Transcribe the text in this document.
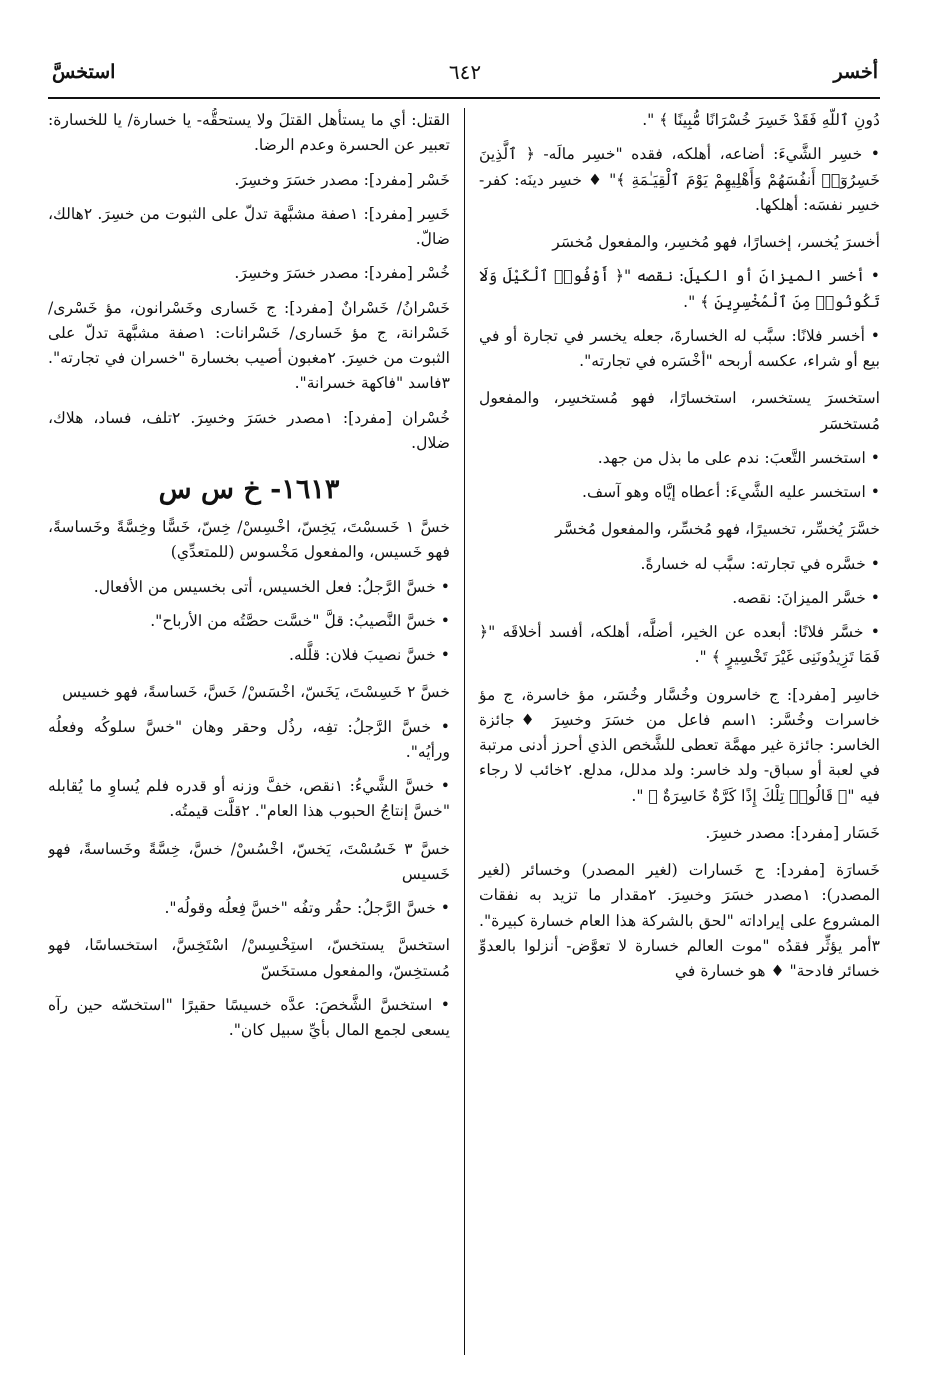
أخسر
٦٤٢
استخسَّ

دُونِ ٱللَّهِ فَقَدْ خَسِرَ خُسْرَانًا مُّبِينًا ﴾ ".

• خسِر الشَّيءَ: أضاعه، أهلكه، فقده "خسِر مالَه- ﴿ ٱلَّذِينَ خَسِرُوٓا۟ أَنفُسَهُمْ وَأَهْلِيهِمْ يَوْمَ ٱلْقِيَـٰمَةِ ﴾" ♦ خسِر دينَه: كفر- خسِر نفسَه: أهلكها.

أخسرَ يُخسر، إخسارًا، فهو مُخسِر، والمفعول مُخسَر

• أخسر الميزانَ أو الكيلَ: نقصه "﴿ أَوْفُوا۟ ٱلْكَيْلَ وَلَا تَكُونُوا۟ مِنَ ٱلْمُخْسِرِينَ ﴾ ".

• أخسر فلانًا: سبَّب له الخسارةَ، جعله يخسر في تجارة أو في بيع أو شراء، عكسه أربحه "أخْسَره في تجارته".

استخسرَ يستخسر، استخسارًا، فهو مُستخسِر، والمفعول مُستخسَر

• استخسر التَّعبَ: ندم على ما بذل من جهد.

• استخسر عليه الشَّيءَ: أعطاه إيَّاه وهو آسف.

خسَّرَ يُخسِّر، تخسيرًا، فهو مُخسِّر، والمفعول مُخسَّر

• خسَّره في تجارته: سبَّب له خسارةً.

• خسَّر الميزانَ: نقصه.

• خسَّر فلانًا: أبعده عن الخير، أضلَّه، أهلكه، أفسد أخلاقَه "﴿ فَمَا تَزِيدُونَنِى غَيْرَ تَخْسِيرٍ ﴾ ".

خاسِر [مفرد]: ج خاسرون وخُسَّار وخُسَر، مؤ خاسرة، ج مؤ خاسرات وخُسَّر: ١اسم فاعل من خسَرَ وخسِرَ ♦جائزة الخاسر: جائزة غير مهمَّة تعطى للشَّخص الذي أحرز أدنى مرتبة في لعبة أو سباق- ولد خاسر: ولد مدلل، مدلع. ٢خائب لا رجاء فيه "﴿ قَالُوا۟ تِلْكَ إِذًا كَرَّةٌ خَاسِرَةٌ ﴾ ".

خَسَار [مفرد]: مصدر خسِرَ.

خَسارَة [مفرد]: ج خَسارات (لغير المصدر) وخسائر (لغير المصدر): ١مصدر خسَرَ وخسِرَ. ٢مقدار ما تزيد به نفقات المشروع على إيراداته "لحق بالشركة هذا العام خسارة كبيرة". ٣أمر يؤثِّر فقدُه "موت العالم خسارة لا تعوَّض- أنزلوا بالعدوِّ خسائر فادحة" ♦ هو خسارة في

القتل: أي ما يستأهل القتلَ ولا يستحقُّه- يا خسارة/ يا للخسارة: تعبير عن الحسرة وعدم الرضا.

خَسْر [مفرد]: مصدر خسَرَ وخسِرَ.

خَسِر [مفرد]: ١صفة مشبَّهة تدلّ على الثبوت من خسِرَ. ٢هالك، ضالّ.

خُسْر [مفرد]: مصدر خسَرَ وخسِرَ.

خَسْرانُ/ خَسْرانٌ [مفرد]: ج خَسارى وخَسْرانون، مؤ خَسْرى/ خَسْرانة، ج مؤ خَسارى/ خَسْرانات: ١صفة مشبَّهة تدلّ على الثبوت من خسِرَ. ٢مغبون أصيب بخسارة "خسران في تجارته". ٣فاسد "فاكهة خسرانة".

خُسْران [مفرد]: ١مصدر خسَرَ وخسِرَ. ٢تلف، فساد، هلاك، ضلال.

١٦١٣- خ س س

خسَّ ١ خَسسْتَ، يَخِسّ، اخْسِسْ/ خِسّ، خَسًّا وخِسَّةً وخَساسةً، فهو خَسيس، والمفعول مَخْسوس (للمتعدِّي)

• خسَّ الرَّجلُ: فعل الخسيس، أتى بخسيس من الأفعال.

• خسَّ النَّصيبُ: قلَّ "خسَّت حصَّتُه من الأرباح".

• خسَّ نصيبَ فلان: قلَّله.

خسَّ ٢ خَسِسْتَ، يَخَسّ، اخْسَسْ/ خَسَّ، خَساسةً، فهو خسيس

• خسَّ الرَّجلُ: تفِه، رذُل وحقر وهان "خسَّ سلوكُه وفعلُه ورأيُه".

• خسَّ الشَّيءُ: ١نقص، خفَّ وزنه أو قدره فلم يُساوِ ما يُقابله "خسَّ إنتاجُ الحبوب هذا العام". ٢قلَّت قيمتُه.

خسَّ ٣ خَسُسْتَ، يَخسّ، اخْسُسْ/ خسَّ، خِسَّةً وخَساسةً، فهو خَسيس

• خسَّ الرَّجلُ: حقُر وتفُه "خسَّ فِعلُه وقولُه".

استخسَّ يستخسّ، استِخْسِسْ/ اسْتَخِسَّ، استخساسًا، فهو مُستخِسّ، والمفعول مستخَسّ

• استخسَّ الشَّخصَ: عدَّه خسيسًا حقيرًا "استخسّه حين رآه يسعى لجمع المال بأيِّ سبيل كان".
